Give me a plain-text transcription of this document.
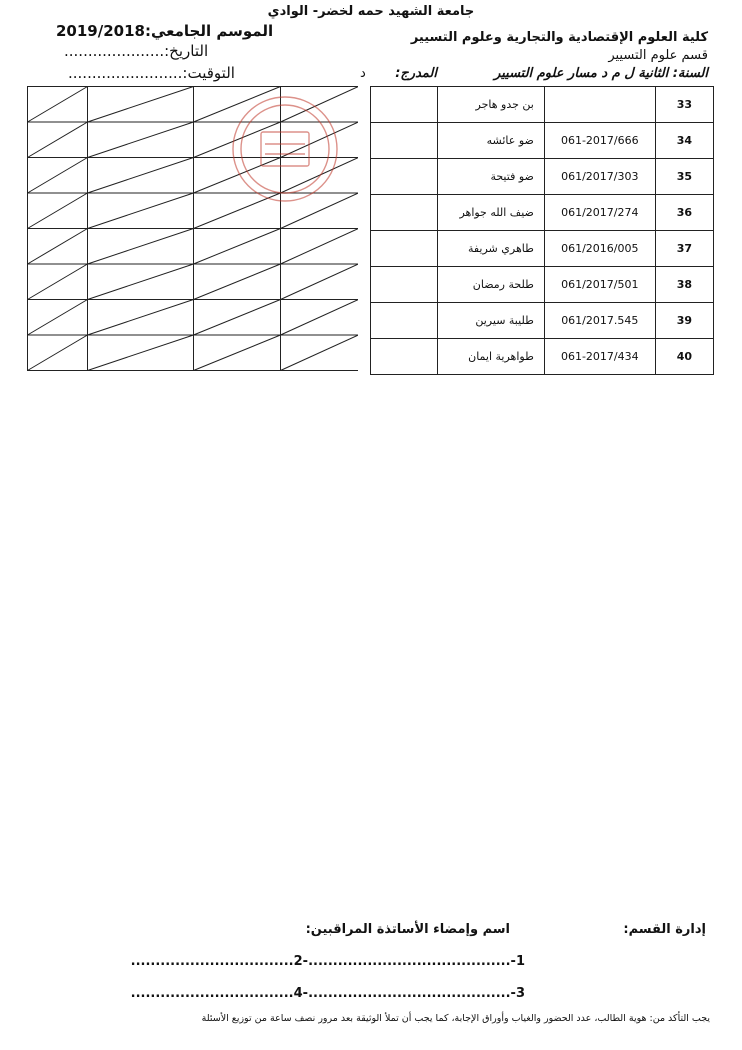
جامعة الشهيد حمه لخضر- الوادي
كلية العلوم الإقتصادية والتجارية وعلوم التسيير
قسم علوم التسيير
السنة: الثانية ل م د مسار علوم التسيير
المدرج:
د
الموسم الجامعي:2019/2018
التاريخ:.....................
التوقيت:........................
	بن جدو هاجر		33
	ضو عائشه	061-2017/666	34
	ضو فتيحة	061/2017/303	35
	ضيف الله جواهر	061/2017/274	36
	طاهري شريفة	061/2016/005	37
	طلحة رمضان	061/2017/501	38
	طليبة سيرين	061/2017.545	39
	طواهرية ايمان	061-2017/434	40
إدارة القسم:
اسم وإمضاء الأساتذة المراقبين:
1-.........................................-2.................................
3-.........................................-4.................................
يجب التأكد من: هوية الطالب، عدد الحضور والغياب وأوراق الإجابة، كما يجب أن تملأ الوثيقة بعد مرور نصف ساعة من توزيع الأسئلة
